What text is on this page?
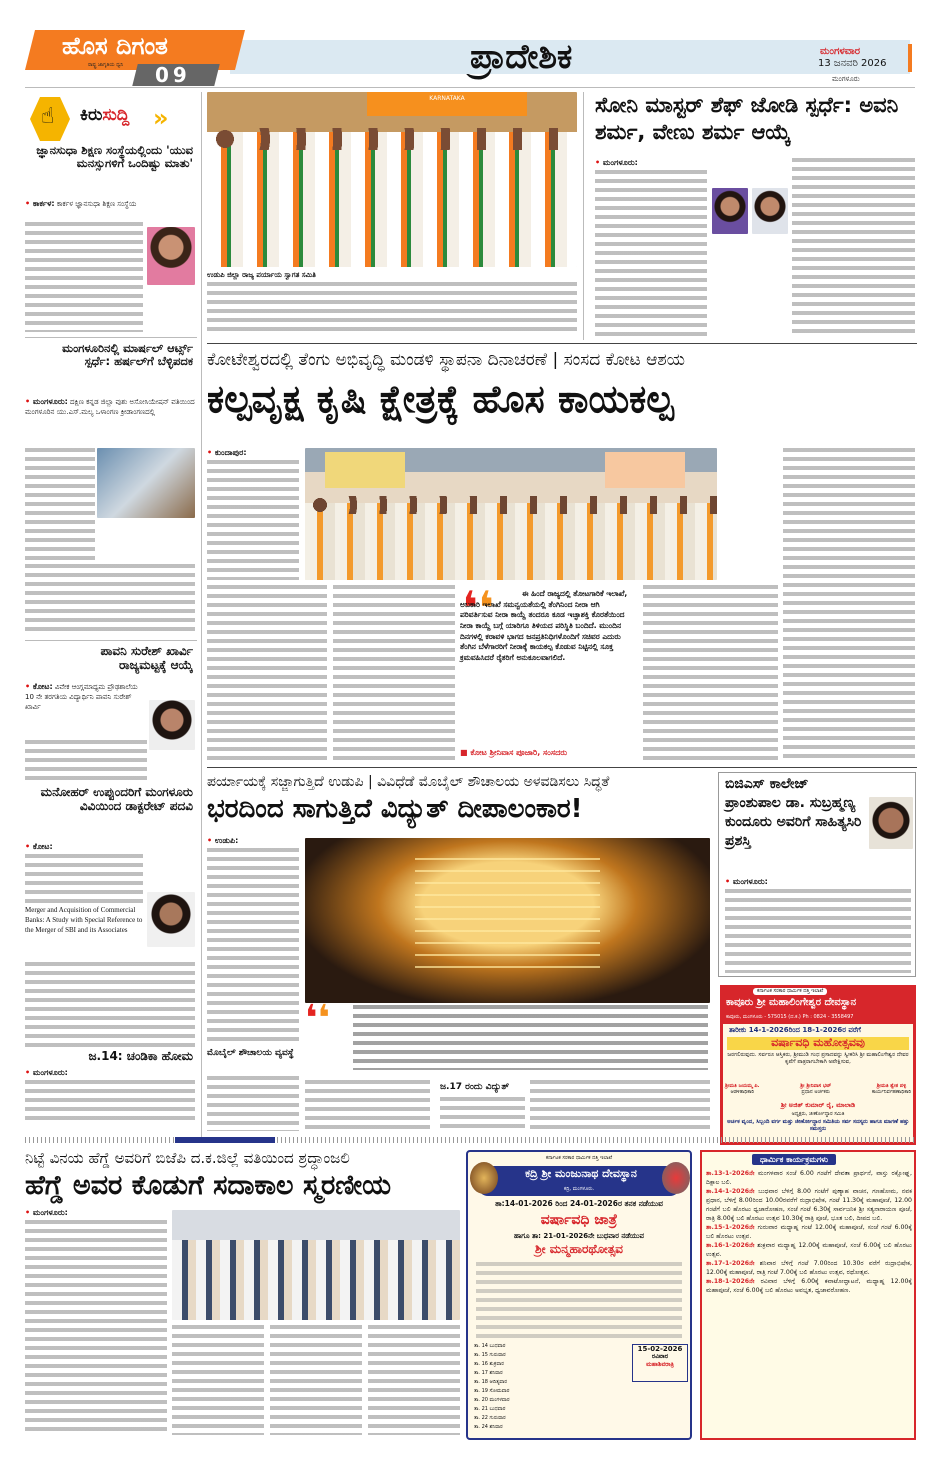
ಹೊಸ ದಿಗಂತ
ರಾಷ್ಟ್ರ ಜಾಗೃತಿಯ ಧ್ವನಿ 09	ಪ್ರಾದೇಶಿಕ	ಮಂಗಳವಾರ
13 ಜನವರಿ 2026
ಮಂಗಳೂರು
☝ ಕಿರುಸುದ್ದಿ »
ಜ್ಞಾನಸುಧಾ ಶಿಕ್ಷಣ ಸಂಸ್ಥೆಯಲ್ಲಿಂದು 'ಯುವ ಮನಸ್ಸುಗಳಿಗೆ ಒಂದಿಷ್ಟು ಮಾತು'
• ಕಾರ್ಕಳ: ಕಾರ್ಕಳ ಜ್ಞಾನಸುಧಾ ಶಿಕ್ಷಣ ಸಂಸ್ಥೆಯ
ಮಂಗಳೂರಿನಲ್ಲಿ ಮಾರ್ಷಲ್ ಆರ್ಟ್ಸ್ ಸ್ಪರ್ಧೆ: ಹರ್ಷಲ್‌ಗೆ ಬೆಳ್ಳಿಪದಕ
• ಮಂಗಳೂರು: ದಕ್ಷಿಣ ಕನ್ನಡ ಜಿಲ್ಲಾ ವುಶು ಅಸೋಸಿಯೇಷನ್ ವತಿಯಿಂದ ಮಂಗಳೂರಿನ ಯು.ಎಸ್.ಮಲ್ಯ ಒಳಾಂಗಣ ಕ್ರೀಡಾಂಗಣದಲ್ಲಿ
ಪಾವನಿ ಸುರೇಶ್ ಖಾರ್ವಿ ರಾಜ್ಯಮಟ್ಟಕ್ಕೆ ಆಯ್ಕೆ
• ಕೋಟ: ವಿವೇಕ ಆಂಗ್ಲಮಾಧ್ಯಮ ಪ್ರೌಢಶಾಲೆಯ 10 ನೇ ತರಗತಿಯ ವಿದ್ಯಾರ್ಥಿನಿ ಪಾವನಿ ಸುರೇಶ್ ಖಾರ್ವಿ
ಮನೋಹರ್ ಉಪ್ಪುಂದರಿಗೆ ಮಂಗಳೂರು ವಿವಿಯಿಂದ ಡಾಕ್ಟರೇಟ್ ಪದವಿ
• ಕೋಟ:
Merger and Acquisition of Commercial Banks: A Study with Special Reference to the Merger of SBI and its Associates
ಜ.14: ಚಂಡಿಕಾ ಹೋಮ
• ಮಂಗಳೂರು:
KARNATAKA
ಉಡುಪಿ ಜಿಲ್ಲಾ ರಾಜ್ಯ ಪರ್ಯಾಯ ಸ್ವಾಗತ ಸಮಿತಿ
ಸೋನಿ ಮಾಸ್ಟರ್ ಶೆಫ್ ಜೋಡಿ ಸ್ಪರ್ಧೆ: ಅವನಿ ಶರ್ಮ, ವೇಣು ಶರ್ಮ ಆಯ್ಕೆ
• ಮಂಗಳೂರು:
ಕೋಟೇಶ್ವರದಲ್ಲಿ ತೆಂಗು ಅಭಿವೃದ್ಧಿ ಮಂಡಳಿ ಸ್ಥಾಪನಾ ದಿನಾಚರಣೆ | ಸಂಸದ ಕೋಟ ಆಶಯ
ಕಲ್ಪವೃಕ್ಷ ಕೃಷಿ ಕ್ಷೇತ್ರಕ್ಕೆ ಹೊಸ ಕಾಯಕಲ್ಪ
• ಕುಂದಾಪುರ:
❛❛	ಈ ಹಿಂದೆ ರಾಜ್ಯದಲ್ಲಿ ತೋಟಗಾರಿಕೆ ಇಲಾಖೆ, ಅಬಕಾರಿ ಇಲಾಖೆ ಸಮನ್ವಯತೆಯಲ್ಲಿ ತೆಂಗಿನಿಂದ ನೀರಾ ಆಗಿ ಪರಿವರ್ತಿಸುವ ನೀರಾ ಕಾಯ್ದೆ ತಂದರೂ ಕೂಡ ಇಚ್ಛಾಶಕ್ತಿ ಕೊರತೆಯಿಂದ ನೀರಾ ಕಾಯ್ದೆ ಬಗ್ಗೆ ಯಾರಿಗೂ ತಿಳಿಯದ ಪರಿಸ್ಥಿತಿ ಬಂದಿದೆ. ಮುಂದಿನ ದಿನಗಳಲ್ಲಿ ಕರಾವಳಿ ಭಾಗದ ಜನಪ್ರತಿನಿಧಿಗಳೊಂದಿಗೆ ಸಚಿವರ ಎದುರು ತೆಂಗಿನ ಬೆಳೆಗಾರರಿಗೆ ನೀರಾಕ್ಕೆ ಕಾಯಕಲ್ಪ ಕೊಡುವ ನಿಟ್ಟಿನಲ್ಲಿ ಸೂಕ್ತ ಕ್ರಮವಹಿಸಿದರೆ ರೈತರಿಗೆ ಅನುಕೂಲವಾಗಲಿದೆ.
■ ಕೋಟ ಶ್ರೀನಿವಾಸ ಪೂಜಾರಿ, ಸಂಸದರು
ಪರ್ಯಾಯಕ್ಕೆ ಸಜ್ಜಾಗುತ್ತಿದೆ ಉಡುಪಿ | ವಿವಿಧೆಡೆ ಮೊಬೈಲ್ ಶೌಚಾಲಯ ಅಳವಡಿಸಲು ಸಿದ್ಧತೆ
ಭರದಿಂದ ಸಾಗುತ್ತಿದೆ ವಿದ್ಯುತ್ ದೀಪಾಲಂಕಾರ!
• ಉಡುಪಿ:
ಮೊಬೈಲ್ ಶೌಚಾಲಯ ವ್ಯವಸ್ಥೆ
❛❛
ಜ.17 ರಂದು ವಿದ್ಯುತ್
ಬಿಜಿಎಸ್ ಕಾಲೇಜ್ ಪ್ರಾಂಶುಪಾಲ ಡಾ. ಸುಬ್ರಹ್ಮಣ್ಯ ಕುಂದೂರು ಅವರಿಗೆ ಸಾಹಿತ್ಯಸಿರಿ ಪ್ರಶಸ್ತಿ
• ಮಂಗಳೂರು:
ಕರ್ನಾಟಕ ಸರಕಾರ ಧಾರ್ಮಿಕ ದತ್ತಿ ಇಲಾಖೆ
ಕಾವೂರು ಶ್ರೀ ಮಹಾಲಿಂಗೇಶ್ವರ ದೇವಸ್ಥಾನ
ಕಾವೂರು, ಮಂಗಳೂರು - 575015 (ದ.ಕ.) Ph : 0824 - 3558497
ತಾರೀಕು 14-1-2026ರಿಂದ 18-1-2026ರ ವರೆಗೆ
ವರ್ಷಾವಧಿ ಮಹೋತ್ಸವವು
ಜರಗಲಿರುವುದು. ಸರ್ವರೂ ಆಸ್ತಿಕರು, ಶ್ರೀಮುಡಿ ಗಂಧ ಪ್ರಸಾದವನ್ನು ಸ್ವೀಕರಿಸಿ ಶ್ರೀ ಮಹಾಲಿಂಗೇಶ್ವರ ದೇವರ ಕೃಪೆಗೆ ಪಾತ್ರರಾಗಬೇಕಾಗಿ ಅಪೇಕ್ಷಿಸುವ,
ಶ್ರೀಮತಿ ಜಯಮ್ಮ ಪಿ.
ಆಡಳಿತಾಧಿಕಾರಿ
ಶ್ರೀ ಶ್ರೀನಿವಾಸ ಭಟ್
ಪ್ರಧಾನ ಅರ್ಚಕರು
ಶ್ರೀಮತಿ ಶ್ವೇತ ಪಳ್ಳಿ
ಕಾರ್ಯನಿರ್ವಹಣಾಧಿಕಾರಿ
ಶ್ರೀ ಅಜಿತ್ ಕುಮಾರ್ ರೈ, ಮಾಲಾಡಿ
ಅಧ್ಯಕ್ಷರು, ಜೀರ್ಣೋದ್ಧಾರ ಸಮಿತಿ
ಅರ್ಚಕ ವೃಂದ, ಸಿಬ್ಬಂದಿ ವರ್ಗ ಮತ್ತು ಜೀರ್ಣೋದ್ಧಾರ ಸಮಿತಿಯ ಸರ್ವ ಸದಸ್ಯರು ಹಾಗೂ ಮಾಗಣೆ ಹತ್ತು ಸಮಸ್ತರು
ನಿಟ್ಟೆ ವಿನಯ ಹೆಗ್ಡೆ ಅವರಿಗೆ ಬಿಜೆಪಿ ದ.ಕ.ಜಿಲ್ಲೆ ವತಿಯಿಂದ ಶ್ರದ್ಧಾಂಜಲಿ
ಹೆಗ್ಡೆ ಅವರ ಕೊಡುಗೆ ಸದಾಕಾಲ ಸ್ಮರಣೀಯ
• ಮಂಗಳೂರು:
ಕರ್ನಾಟಕ ಸರಕಾರ ಧಾರ್ಮಿಕ ದತ್ತಿ ಇಲಾಖೆ
ಕದ್ರಿ ಶ್ರೀ ಮಂಜುನಾಥ ದೇವಸ್ಥಾನ
ಕದ್ರಿ, ಮಂಗಳೂರು.
ತಾ:14-01-2026 ರಿಂದ 24-01-2026ರ ತನಕ ನಡೆಯುವ
ವರ್ಷಾವಧಿ ಜಾತ್ರೆ
ಹಾಗೂ ತಾ: 21-01-2026ನೇ ಬುಧವಾರ ನಡೆಯುವ
ಶ್ರೀ ಮನ್ಮಹಾರಥೋತ್ಸವ
ತಾ. 14 ಬುಧವಾರ
ತಾ. 15 ಗುರುವಾರ
ತಾ. 16 ಶುಕ್ರವಾರ
ತಾ. 17 ಶನಿವಾರ
ತಾ. 18 ಆದಿತ್ಯವಾರ
ತಾ. 19 ಸೋಮವಾರ
ತಾ. 20 ಮಂಗಳವಾರ
ತಾ. 21 ಬುಧವಾರ
ತಾ. 22 ಗುರುವಾರ
ತಾ. 24 ಶನಿವಾರ
15-02-2026
ರವಿವಾರ
ಮಹಾಶಿವರಾತ್ರಿ
ಧಾರ್ಮಿಕ ಕಾರ್ಯಕ್ರಮಗಳು

ತಾ.13-1-2026ನೇ ಮಂಗಳವಾರ ಸಂಜೆ 6.00 ಗಂಟೆಗೆ ದೇವತಾ ಪ್ರಾರ್ಥನೆ, ವಾಸ್ತು ರಕ್ಷೋಘ್ನ, ದಿಕ್ಪಾಲ ಬಲಿ.

ತಾ.14-1-2026ನೇ ಬುಧವಾರ ಬೆಳಿಗ್ಗೆ 8.00 ಗಂಟೆಗೆ ಪುಣ್ಯಾಹ ವಾಚನ, ಗಣಹೋಮ, ನವಕ ಪ್ರಧಾನ, ಬೆಳಿಗ್ಗೆ 8.00ರಿಂದ 10.00ರವರೆಗೆ ರುದ್ರಾಭಿಷೇಕ, ಗಂಟೆ 11.30ಕ್ಕೆ ಮಹಾಪೂಜೆ, 12.00 ಗಂಟೆಗೆ ಬಲಿ ಹೊರಟು ಧ್ವಜಾರೋಹಣ, ಸಂಜೆ ಗಂಟೆ 6.30ಕ್ಕೆ ಸಾರ್ವಜನಿಕ ಶ್ರೀ ಸತ್ಯನಾರಾಯಣ ಪೂಜೆ, ರಾತ್ರಿ 8.00ಕ್ಕೆ ಬಲಿ ಹೊರಟು ಉತ್ಸವ 10.30ಕ್ಕೆ ರಾತ್ರಿ ಪೂಜೆ, ಭೂತ ಬಲಿ, ದೀಪದ ಬಲಿ.

ತಾ.15-1-2026ನೇ ಗುರುವಾರ ಮಧ್ಯಾಹ್ನ ಗಂಟೆ 12.00ಕ್ಕೆ ಮಹಾಪೂಜೆ, ಸಂಜೆ ಗಂಟೆ 6.00ಕ್ಕೆ ಬಲಿ ಹೊರಟು ಉತ್ಸವ.

ತಾ.16-1-2026ನೇ ಶುಕ್ರವಾರ ಮಧ್ಯಾಹ್ನ 12.00ಕ್ಕೆ ಮಹಾಪೂಜೆ, ಸಂಜೆ 6.00ಕ್ಕೆ ಬಲಿ ಹೊರಟು ಉತ್ಸವ.

ತಾ.17-1-2026ನೇ ಶನಿವಾರ ಬೆಳಿಗ್ಗೆ ಗಂಟೆ 7.00ರಿಂದ 10.30ರ ವರೆಗೆ ರುದ್ರಾಭಿಷೇಕ, 12.00ಕ್ಕೆ ಮಹಾಪೂಜೆ, ರಾತ್ರಿ ಗಂಟೆ 7.00ಕ್ಕೆ ಬಲಿ ಹೊರಟು ಉತ್ಸವ, ರಥೋತ್ಸವ.

ತಾ.18-1-2026ನೇ ರವಿವಾರ ಬೆಳಿಗ್ಗೆ 6.00ಕ್ಕೆ ಕವಾಟೋದ್ಘಾಟನೆ, ಮಧ್ಯಾಹ್ನ 12.00ಕ್ಕೆ ಮಹಾಪೂಜೆ, ಸಂಜೆ 6.00ಕ್ಕೆ ಬಲಿ ಹೊರಟು ಅವಭೃತ, ಧ್ವಜಾವರೋಹಣ.
